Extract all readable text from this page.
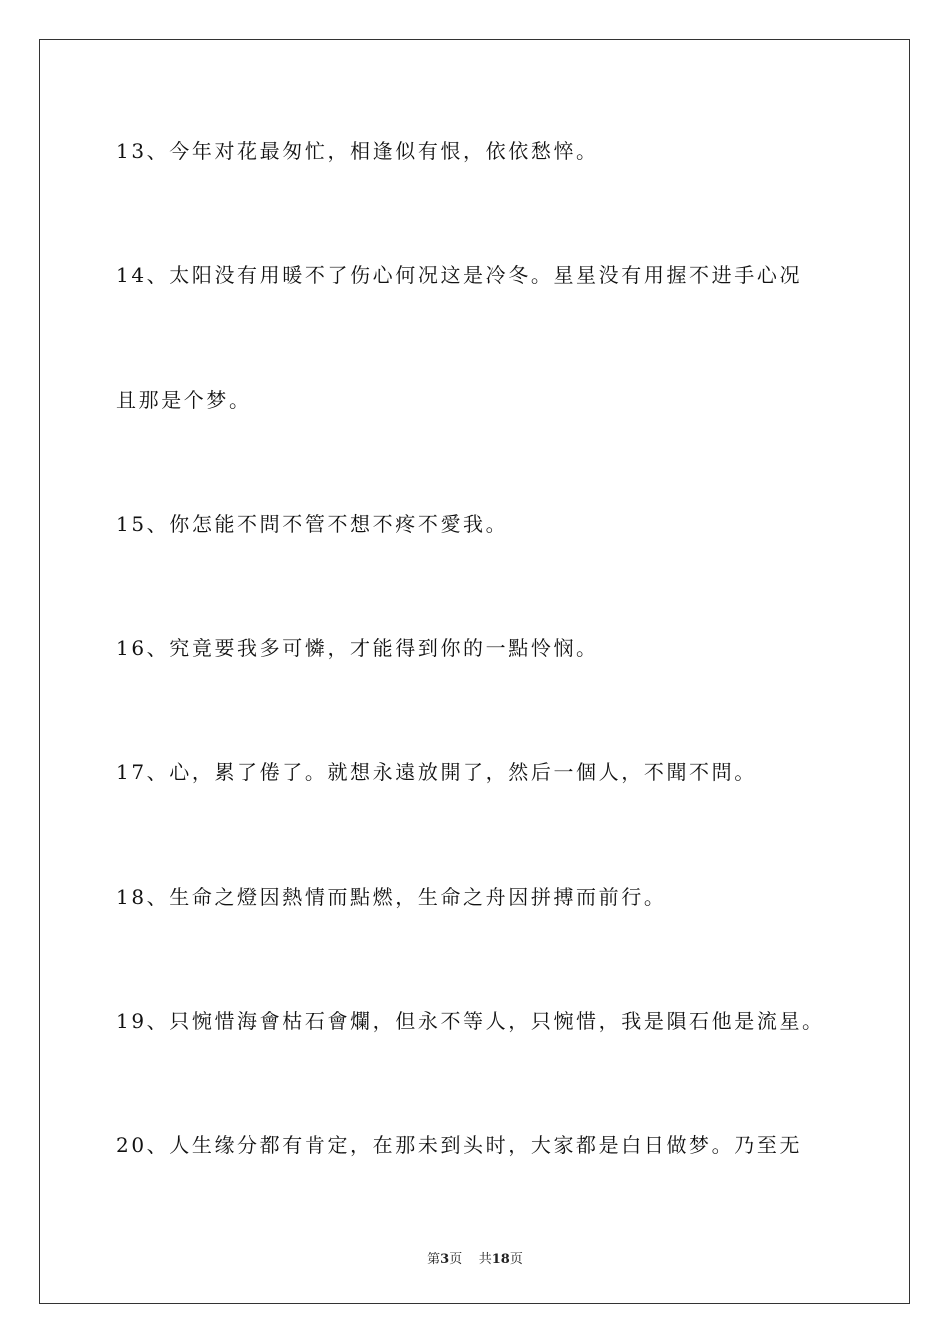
13、今年对花最匆忙，相逢似有恨，依依愁悴。
14、太阳没有用暖不了伤心何况这是冷冬。星星没有用握不进手心况
且那是个梦。
15、你怎能不問不管不想不疼不愛我。
16、究竟要我多可憐，才能得到你的一點怜悯。
17、心，累了倦了。就想永遠放開了，然后一個人，不聞不問。
18、生命之燈因熱情而點燃，生命之舟因拼搏而前行。
19、只惋惜海會枯石會爛，但永不等人，只惋惜，我是隕石他是流星。
20、人生缘分都有肯定，在那未到头时，大家都是白日做梦。乃至无
第3页 共18页
